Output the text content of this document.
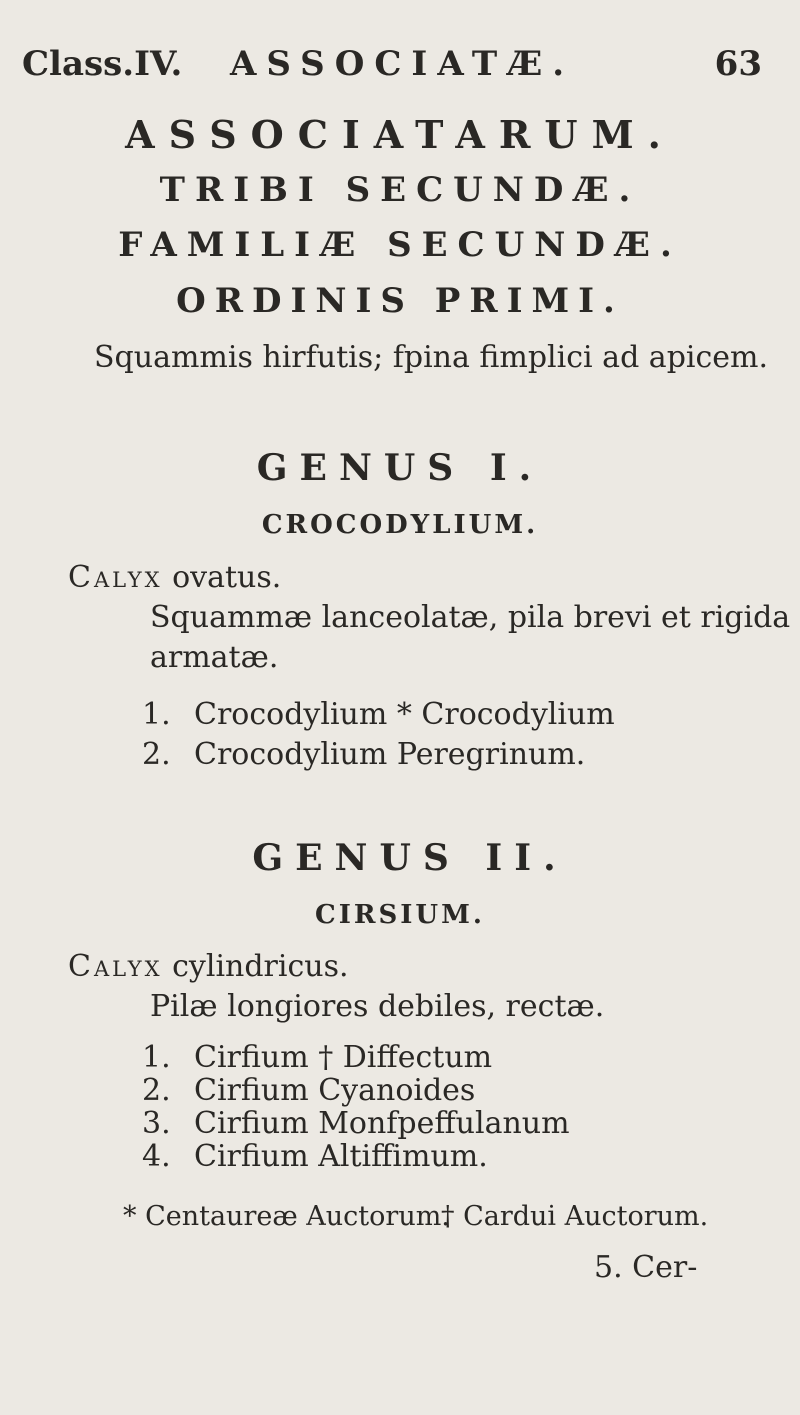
Class.IV. ASSOCIATÆ.	63
ASSOCIATARUM.
TRIBI SECUNDÆ.
FAMILIÆ SECUNDÆ.
ORDINIS PRIMI.
Squammis hirfutis; fpina fimplici ad apicem.
GENUS I.
CROCODYLIUM.
Calyx ovatus.
Squammæ lanceolatæ, pila brevi et rigida
armatæ.
1. Crocodylium * Crocodylium
2. Crocodylium Peregrinum.
GENUS II.
CIRSIUM.
Calyx cylindricus.
Pilæ longiores debiles, rectæ.
1. Cirfium † Diffectum
2. Cirfium Cyanoides
3. Cirfium Monfpeffulanum
4. Cirfium Altiffimum.
* Centaureæ Auctorum.
† Cardui Auctorum.
5. Cer-
